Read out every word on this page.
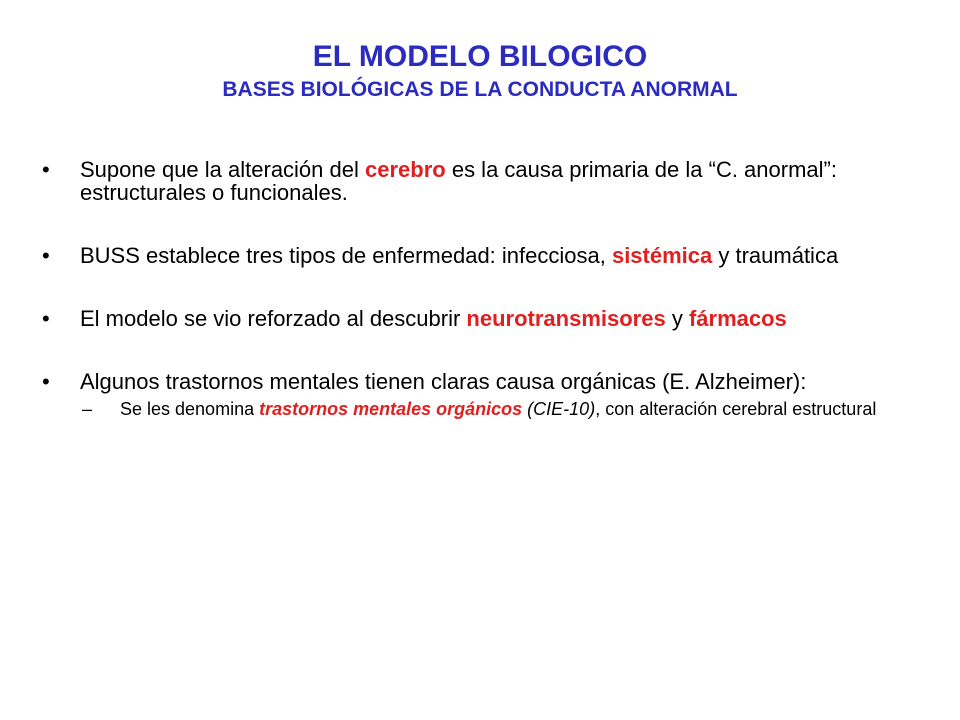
EL MODELO BILOGICO
BASES BIOLÓGICAS DE LA CONDUCTA ANORMAL
• Supone que la alteración del cerebro es la causa primaria de la “C. anormal”: estructurales o funcionales.
• BUSS establece tres tipos de enfermedad: infecciosa, sistémica y traumática
• El modelo se vio reforzado al descubrir neurotransmisores y fármacos
• Algunos trastornos mentales tienen claras causa orgánicas (E. Alzheimer):
– Se les denomina trastornos mentales orgánicos (CIE-10), con alteración cerebral estructural
